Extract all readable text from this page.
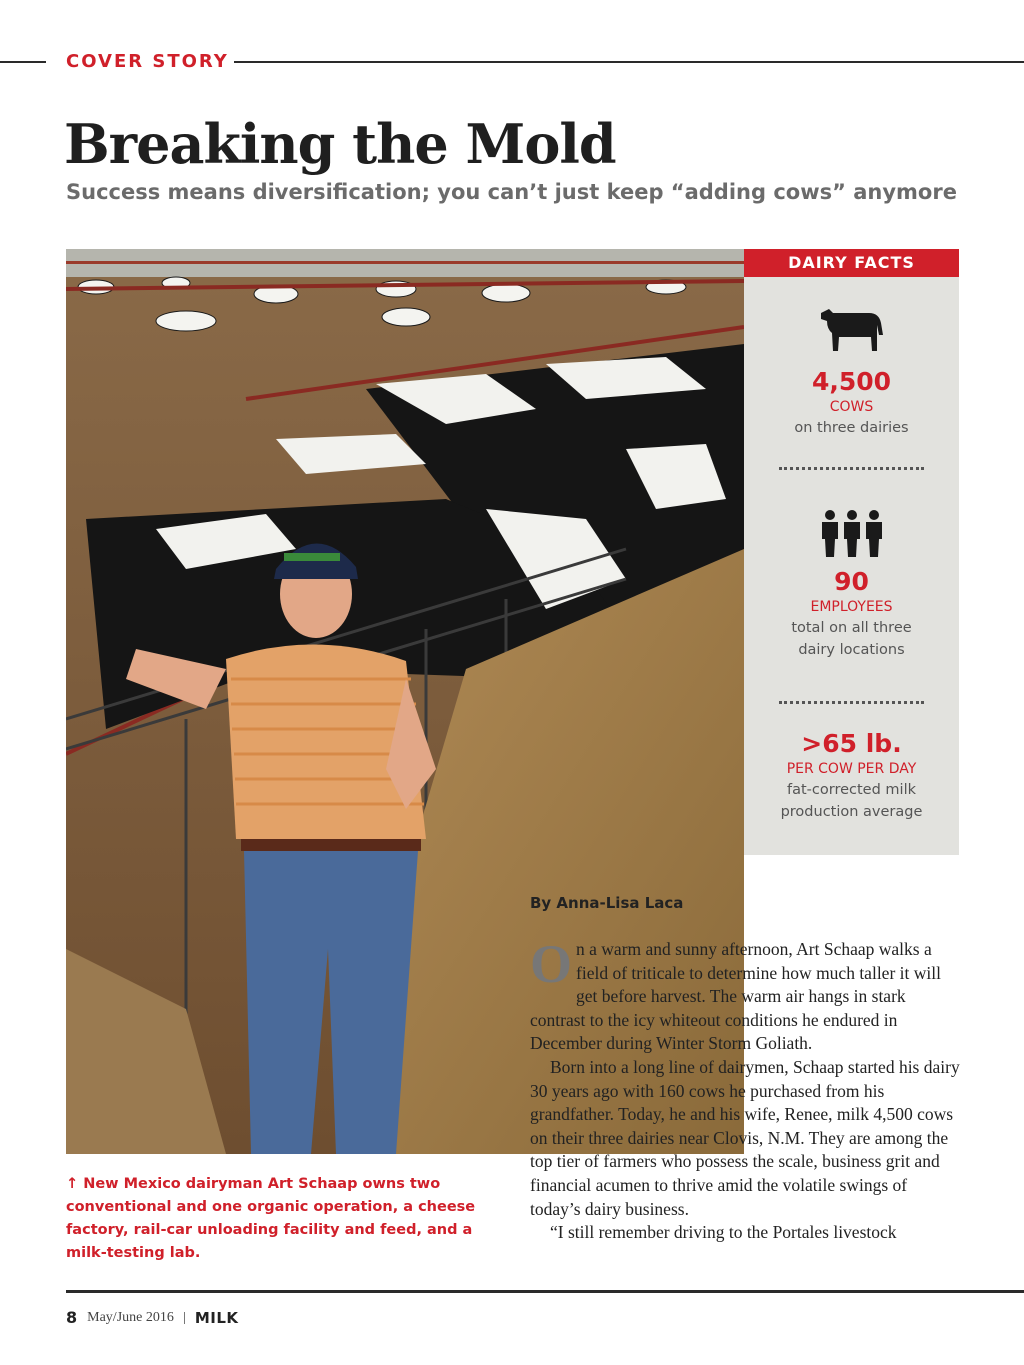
COVER STORY
Breaking the Mold
Success means diversification; you can’t just keep “adding cows” anymore
DAIRY FACTS
4,500
COWS
on three dairies
90
EMPLOYEES
total on all three
dairy locations
>65 lb.
PER COW PER DAY
fat-corrected milk
production average
By Anna-Lisa Laca

On a warm and sunny afternoon, Art Schaap walks a field of triticale to determine how much taller it will get before harvest. The warm air hangs in stark contrast to the icy whiteout conditions he endured in December during Winter Storm Goliath.

Born into a long line of dairymen, Schaap started his dairy 30 years ago with 160 cows he purchased from his grandfather. Today, he and his wife, Renee, milk 4,500 cows on their three dairies near Clovis, N.M. They are among the top tier of farmers who possess the scale, business grit and financial acumen to thrive amid the volatile swings of today’s dairy business.

“I still remember driving to the Portales livestock

↑ New Mexico dairyman Art Schaap owns two conventional and one organic operation, a cheese factory, rail-car unloading facility and feed, and a milk-testing lab.
8 May/June 2016 MILK
